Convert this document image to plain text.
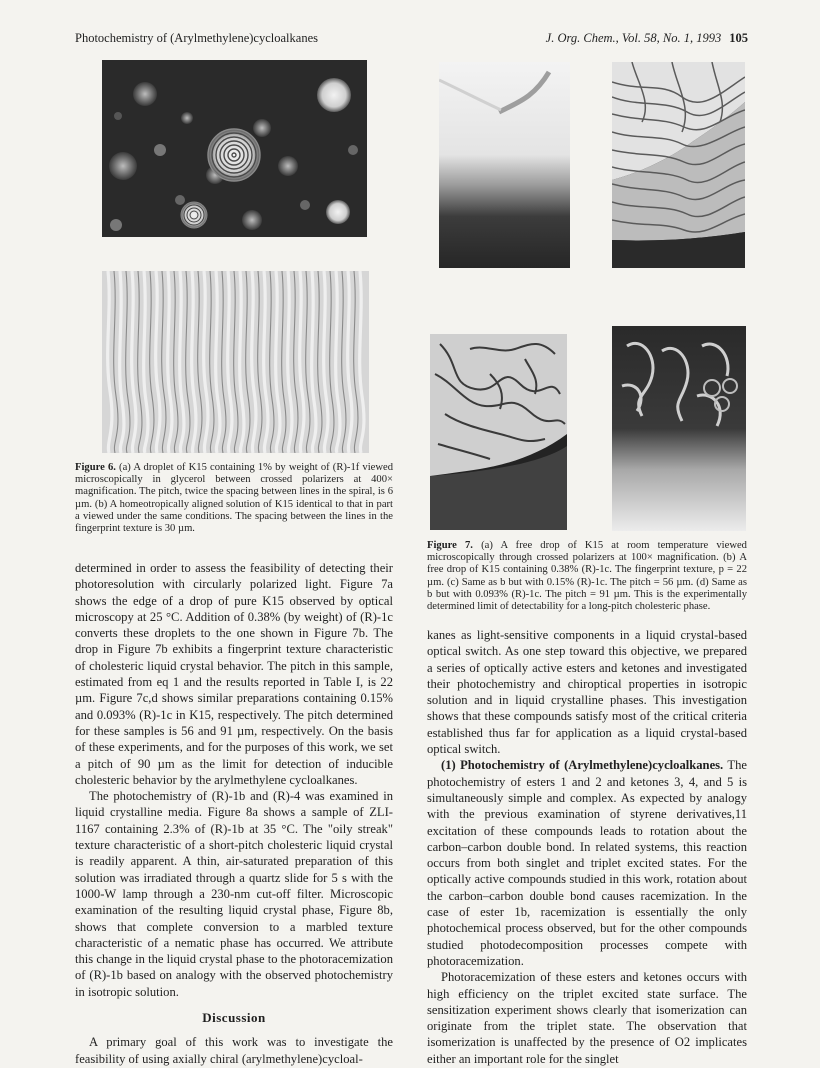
Photochemistry of (Arylmethylene)cycloalkanes	J. Org. Chem., Vol. 58, No. 1, 1993 105
Figure 6. (a) A droplet of K15 containing 1% by weight of (R)-1f viewed microscopically in glycerol between crossed polarizers at 400× magnification. The pitch, twice the spacing between lines in the spiral, is 6 µm. (b) A homeotropically aligned solution of K15 identical to that in part a viewed under the same conditions. The spacing between the lines in the fingerprint texture is 30 µm.
Figure 7. (a) A free drop of K15 at room temperature viewed microscopically through crossed polarizers at 100× magnification. (b) A free drop of K15 containing 0.38% (R)-1c. The fingerprint texture, p = 22 µm. (c) Same as b but with 0.15% (R)-1c. The pitch = 56 µm. (d) Same as b but with 0.093% (R)-1c. The pitch = 91 µm. This is the experimentally determined limit of detectability for a long-pitch cholesteric phase.

determined in order to assess the feasibility of detecting their photoresolution with circularly polarized light. Figure 7a shows the edge of a drop of pure K15 observed by optical microscopy at 25 °C. Addition of 0.38% (by weight) of (R)-1c converts these droplets to the one shown in Figure 7b. The drop in Figure 7b exhibits a fingerprint texture characteristic of cholesteric liquid crystal behavior. The pitch in this sample, estimated from eq 1 and the results reported in Table I, is 22 µm. Figure 7c,d shows similar preparations containing 0.15% and 0.093% (R)-1c in K15, respectively. The pitch determined for these samples is 56 and 91 µm, respectively. On the basis of these experiments, and for the purposes of this work, we set a pitch of 90 µm as the limit for detection of inducible cholesteric behavior by the arylmethylene cycloalkanes.

The photochemistry of (R)-1b and (R)-4 was examined in liquid crystalline media. Figure 8a shows a sample of ZLI-1167 containing 2.3% of (R)-1b at 35 °C. The "oily streak" texture characteristic of a short-pitch cholesteric liquid crystal is readily apparent. A thin, air-saturated preparation of this solution was irradiated through a quartz slide for 5 s with the 1000-W lamp through a 230-nm cut-off filter. Microscopic examination of the resulting liquid crystal phase, Figure 8b, shows that complete conversion to a marbled texture characteristic of a nematic phase has occurred. We attribute this change in the liquid crystal phase to the photoracemization of (R)-1b based on analogy with the observed photochemistry in isotropic solution.

Discussion

A primary goal of this work was to investigate the feasibility of using axially chiral (arylmethylene)cycloal-

kanes as light-sensitive components in a liquid crystal-based optical switch. As one step toward this objective, we prepared a series of optically active esters and ketones and investigated their photochemistry and chiroptical properties in isotropic solution and in liquid crystalline phases. This investigation shows that these compounds satisfy most of the critical criteria established thus far for application as a liquid crystal-based optical switch.

(1) Photochemistry of (Arylmethylene)cycloalkanes. The photochemistry of esters 1 and 2 and ketones 3, 4, and 5 is simultaneously simple and complex. As expected by analogy with the previous examination of styrene derivatives,11 excitation of these compounds leads to rotation about the carbon–carbon double bond. In related systems, this reaction occurs from both singlet and triplet excited states. For the optically active compounds studied in this work, rotation about the carbon–carbon double bond causes racemization. In the case of ester 1b, racemization is essentially the only photochemical process observed, but for the other compounds studied photodecomposition processes compete with photoracemization.

Photoracemization of these esters and ketones occurs with high efficiency on the triplet excited state surface. The sensitization experiment shows clearly that isomerization can originate from the triplet state. The observation that isomerization is unaffected by the presence of O2 implicates either an important role for the singlet
